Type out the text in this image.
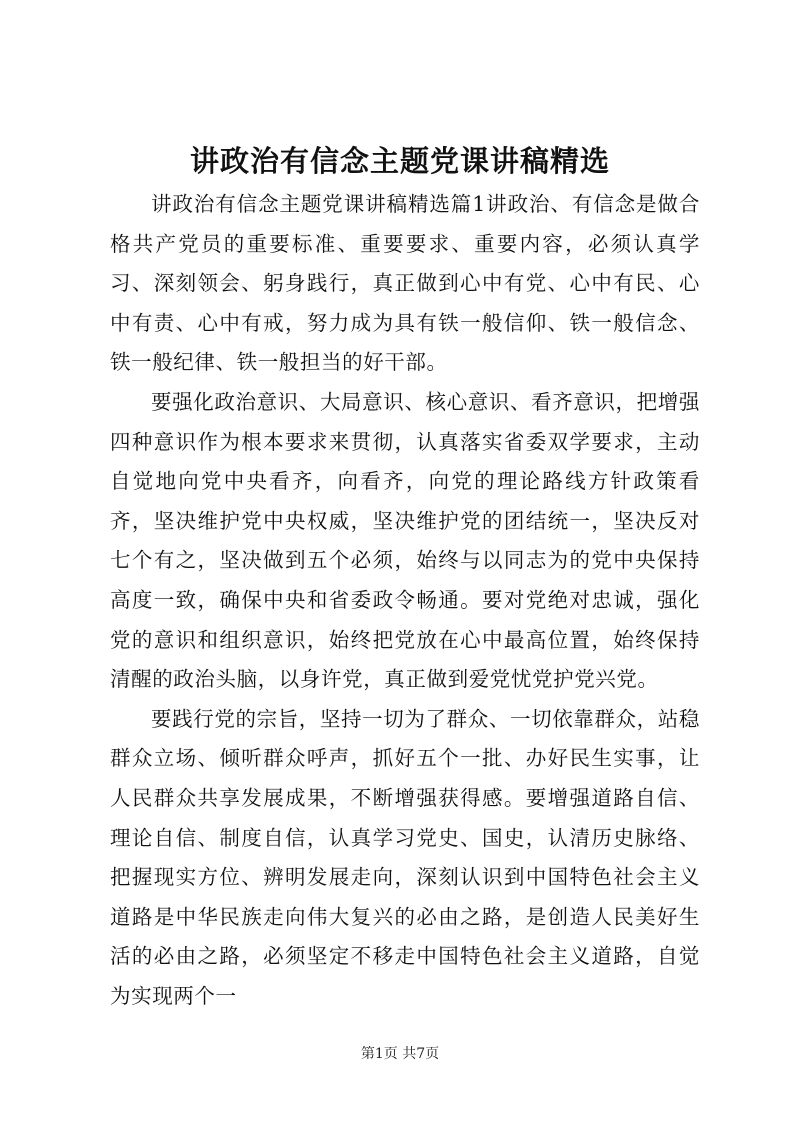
讲政治有信念主题党课讲稿精选

讲政治有信念主题党课讲稿精选篇1讲政治、有信念是做合格共产党员的重要标准、重要要求、重要内容，必须认真学习、深刻领会、躬身践行，真正做到心中有党、心中有民、心中有责、心中有戒，努力成为具有铁一般信仰、铁一般信念、铁一般纪律、铁一般担当的好干部。

要强化政治意识、大局意识、核心意识、看齐意识，把增强四种意识作为根本要求来贯彻，认真落实省委双学要求，主动自觉地向党中央看齐，向看齐，向党的理论路线方针政策看齐，坚决维护党中央权威，坚决维护党的团结统一，坚决反对七个有之，坚决做到五个必须，始终与以同志为的党中央保持高度一致，确保中央和省委政令畅通。要对党绝对忠诚，强化党的意识和组织意识，始终把党放在心中最高位置，始终保持清醒的政治头脑，以身许党，真正做到爱党忧党护党兴党。

要践行党的宗旨，坚持一切为了群众、一切依靠群众，站稳群众立场、倾听群众呼声，抓好五个一批、办好民生实事，让人民群众共享发展成果，不断增强获得感。要增强道路自信、理论自信、制度自信，认真学习党史、国史，认清历史脉络、把握现实方位、辨明发展走向，深刻认识到中国特色社会主义道路是中华民族走向伟大复兴的必由之路，是创造人民美好生活的必由之路，必须坚定不移走中国特色社会主义道路，自觉为实现两个一

第1页 共7页
